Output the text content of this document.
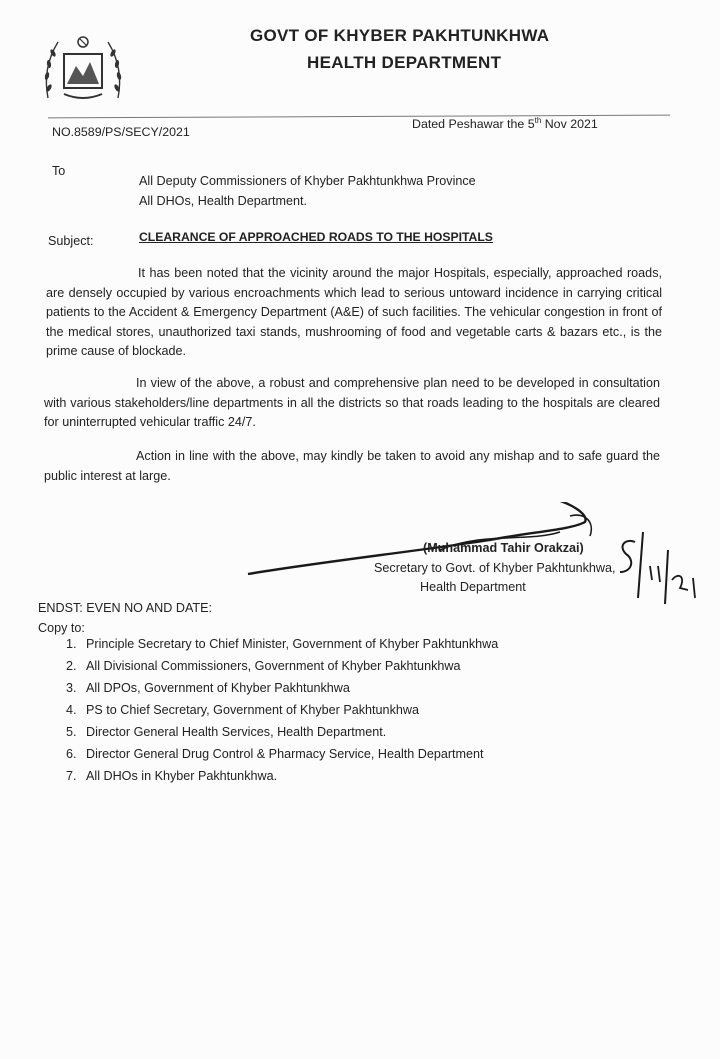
GOVT OF KHYBER PAKHTUNKHWA
HEALTH DEPARTMENT
NO.8589/PS/SECY/2021
Dated Peshawar the 5th Nov 2021
To
All Deputy Commissioners of Khyber Pakhtunkhwa Province
All DHOs, Health Department.
Subject:	CLEARANCE OF APPROACHED ROADS TO THE HOSPITALS
It has been noted that the vicinity around the major Hospitals, especially, approached roads, are densely occupied by various encroachments which lead to serious untoward incidence in carrying critical patients to the Accident & Emergency Department (A&E) of such facilities. The vehicular congestion in front of the medical stores, unauthorized taxi stands, mushrooming of food and vegetable carts & bazars etc., is the prime cause of blockade.
In view of the above, a robust and comprehensive plan need to be developed in consultation with various stakeholders/line departments in all the districts so that roads leading to the hospitals are cleared for uninterrupted vehicular traffic 24/7.
Action in line with the above, may kindly be taken to avoid any mishap and to safe guard the public interest at large.
(Muhammad Tahir Orakzai)
Secretary to Govt. of Khyber Pakhtunkhwa,
Health Department
ENDST: EVEN NO AND DATE:
Copy to:
1. Principle Secretary to Chief Minister, Government of Khyber Pakhtunkhwa
2. All Divisional Commissioners, Government of Khyber Pakhtunkhwa
3. All DPOs, Government of Khyber Pakhtunkhwa
4. PS to Chief Secretary, Government of Khyber Pakhtunkhwa
5. Director General Health Services, Health Department.
6. Director General Drug Control & Pharmacy Service, Health Department
7. All DHOs in Khyber Pakhtunkhwa.
